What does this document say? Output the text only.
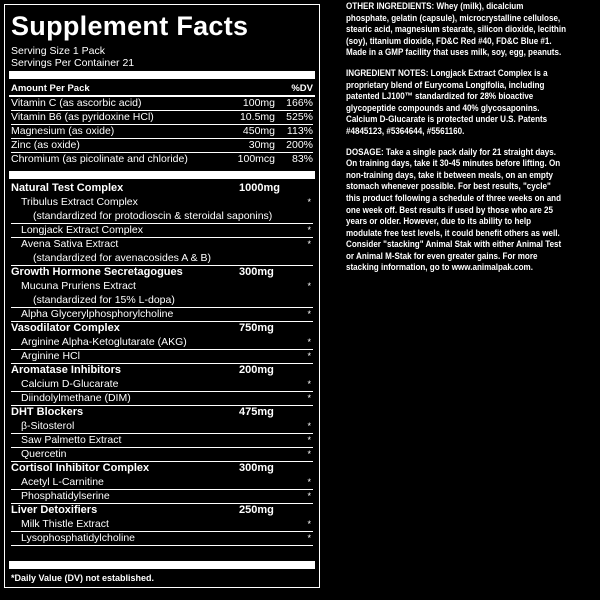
Supplement Facts
Serving Size 1 Pack
Servings Per Container 21
Amount Per Pack	%DV
Vitamin C (as ascorbic acid)	100mg 166%
Vitamin B6 (as pyridoxine HCl)	10.5mg 525%
Magnesium (as oxide)	450mg 113%
Zinc (as oxide)	30mg 200%
Chromium (as picolinate and chloride)	100mcg 83%
Natural Test Complex	1000mg
Tribulus Extract Complex	*
(standardized for protodioscin & steroidal saponins)
Longjack Extract Complex	*
Avena Sativa Extract	*
(standardized for avenacosides A & B)
Growth Hormone Secretagogues	300mg
Mucuna Pruriens Extract	*
(standardized for 15% L-dopa)
Alpha Glycerylphosphorylcholine	*
Vasodilator Complex	750mg
Arginine Alpha-Ketoglutarate (AKG)	*
Arginine HCl	*
Aromatase Inhibitors	200mg
Calcium D-Glucarate	*
Diindolylmethane (DIM)	*
DHT Blockers	475mg
β-Sitosterol	*
Saw Palmetto Extract	*
Quercetin	*
Cortisol Inhibitor Complex	300mg
Acetyl L-Carnitine	*
Phosphatidylserine	*
Liver Detoxifiers	250mg
Milk Thistle Extract	*
Lysophosphatidylcholine	*
*Daily Value (DV) not established.

OTHER INGREDIENTS: Whey (milk), dicalcium

phosphate, gelatin (capsule), microcrystalline cellulose,

stearic acid, magnesium stearate, silicon dioxide, lecithin

(soy), titanium dioxide, FD&C Red #40, FD&C Blue #1.

Made in a GMP facility that uses milk, soy, egg, peanuts.

INGREDIENT NOTES: Longjack Extract Complex is a

proprietary blend of Eurycoma Longifolia, including

patented LJ100™ standardized for 28% bioactive

glycopeptide compounds and 40% glycosaponins.

Calcium D-Glucarate is protected under U.S. Patents

#4845123, #5364644, #5561160.

DOSAGE: Take a single pack daily for 21 straight days.

On training days, take it 30-45 minutes before lifting. On

non-training days, take it between meals, on an empty

stomach whenever possible. For best results, "cycle"

this product following a schedule of three weeks on and

one week off. Best results if used by those who are 25

years or older. However, due to its ability to help

modulate free test levels, it could benefit others as well.

Consider "stacking" Animal Stak with either Animal Test

or Animal M-Stak for even greater gains. For more

stacking information, go to www.animalpak.com.
